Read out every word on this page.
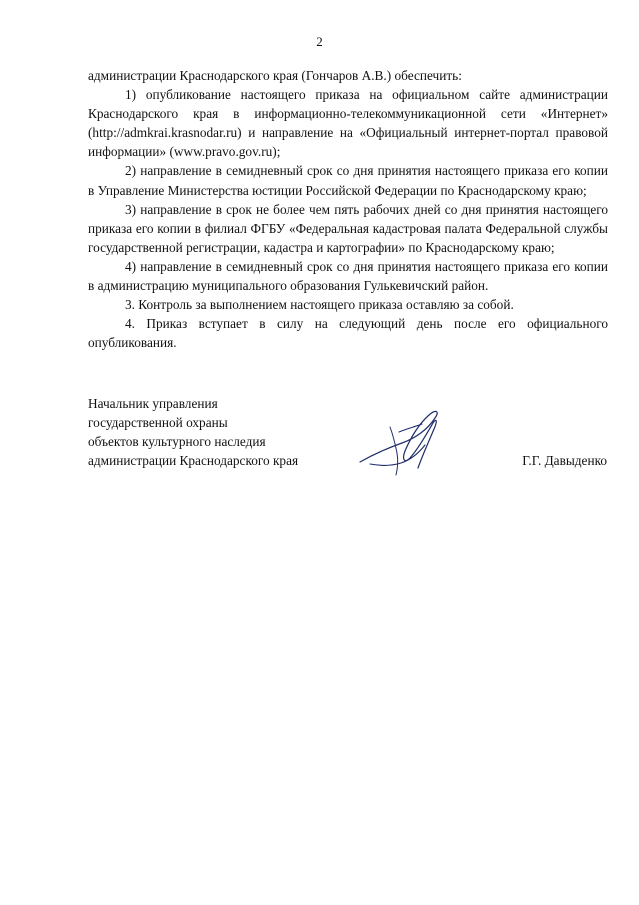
2

администрации Краснодарского края (Гончаров А.В.) обеспечить:

1) опубликование настоящего приказа на официальном сайте администрации Краснодарского края в информационно-телекоммуникационной сети «Интернет» (http://admkrai.krasnodar.ru) и направление на «Официальный интернет-портал правовой информации» (www.pravo.gov.ru);

2) направление в семидневный срок со дня принятия настоящего приказа его копии в Управление Министерства юстиции Российской Федерации по Краснодарскому краю;

3) направление в срок не более чем пять рабочих дней со дня принятия настоящего приказа его копии в филиал ФГБУ «Федеральная кадастровая палата Федеральной службы государственной регистрации, кадастра и картографии» по Краснодарскому краю;

4) направление в семидневный срок со дня принятия настоящего приказа его копии в администрацию муниципального образования Гулькевичский район.

3. Контроль за выполнением настоящего приказа оставляю за собой.

4. Приказ вступает в силу на следующий день после его официального опубликования.

Начальник управления
государственной охраны
объектов культурного наследия
администрации Краснодарского края	Г.Г. Давыденко
